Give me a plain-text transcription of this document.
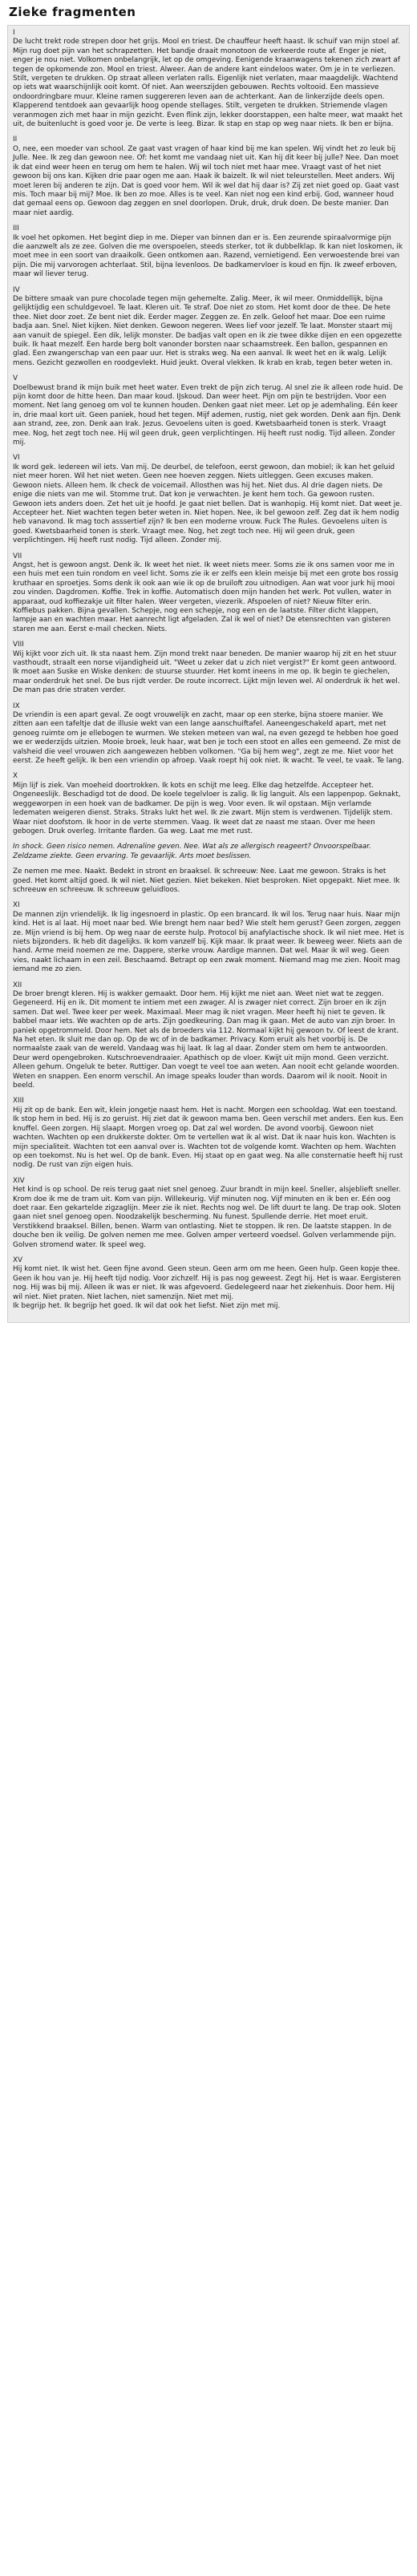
Zieke fragmenten
I

De lucht trekt rode strepen door het grijs. Mool en triest. De chauffeur heeft haast. Ik schuif van mijn stoel af. Mijn rug doet pijn van het schrapzetten. Het bandje draait monotoon de verkeerde route af. Enger je niet, enger je nou niet. Volkomen onbelangrijk, let op de omgeving. Eenigende kraanwagens tekenen zich zwart af tegen de opkomende zon. Mool en triest. Alweer. Aan de andere kant eindeloos water. Om je in te verliezen. Stilt, vergeten te drukken. Op straat alleen verlaten ralls. Eigenlijk niet verlaten, maar maagdelijk. Wachtend op iets wat waarschijnlijk ooit komt. Of niet. Aan weerszijden gebouwen. Rechts voltooid. Een massieve ondoordringbare muur. Kleine ramen suggereren leven aan de achterkant. Aan de linkerzijde deels open. Klapperend tentdoek aan gevaarlijk hoog opende stellages. Stilt, vergeten te drukken. Striemende vlagen veranmogen zich met haar in mijn gezicht. Even flink zijn, lekker doorstappen, een halte meer, wat maakt het uit, de buitenlucht is goed voor je. De verte is leeg. Bizar. Ik stap en stap op weg naar niets. Ik ben er bijna.

II

O, nee, een moeder van school. Ze gaat vast vragen of haar kind bij me kan spelen. Wij vindt het zo leuk bij Julle. Nee. Ik zeg dan gewoon nee. Of: het komt me vandaag niet uit. Kan hij dit keer bij julle? Nee. Dan moet ik dat eind weer heen en terug om hem te halen. Wij wil toch niet met haar mee. Vraagt vast of het niet gewoon bij ons kan. Kijken drie paar ogen me aan. Haak ik baizelt. Ik wil niet teleurstellen. Meet anders. Wij moet leren bij anderen te zijn. Dat is goed voor hem. Wil ik wel dat hij daar is? Zij zet niet goed op. Gaat vast mis. Toch maar bij mij? Moe. Ik ben zo moe. Alles is te veel. Kan niet nog een kind erbij. God, wanneer houd dat gemaal eens op. Gewoon dag zeggen en snel doorlopen. Druk, druk, druk doen. De beste manier. Dan maar niet aardig.

III

Ik voel het opkomen. Het begint diep in me. Dieper van binnen dan er is. Een zeurende spiraalvormige pijn die aanzwelt als ze zee. Golven die me overspoelen, steeds sterker, tot ik dubbelklap. Ik kan niet loskomen, ik moet mee in een soort van draaikolk. Geen ontkomen aan. Razend, vernietigend. Een verwoestende brei van pijn. Die mij varvorogen achterlaat. Stil, bijna levenloos. De badkamervloer is koud en fijn. Ik zweef erboven, maar wil liever terug.

IV

De bittere smaak van pure chocolade tegen mijn gehemelte. Zalig. Meer, ik wil meer. Onmiddellijk, bijna gelijktijdig een schuldgevoel. Te laat. Kleren uit. Te straf. Doe niet zo stom. Het komt door de thee. De hete thee. Niet door zoet. Ze bent niet dik. Eerder mager. Zeggen ze. En zelk. Geloof het maar. Doe een ruime badja aan. Snel. Niet kijken. Niet denken. Gewoon negeren. Wees lief voor jezelf. Te laat. Monster staart mij aan vanuit de spiegel. Een dik, lelijk monster. De badjas valt open en ik zie twee dikke dijen en een opgezette buik. Ik haat mezelf. Een harde berg bolt vanonder borsten naar schaamstreek. Een ballon, gespannen en glad. Een zwangerschap van een paar uur. Het is straks weg. Na een aanval. Ik weet het en ik walg. Lelijk mens. Gezicht gezwollen en roodgevlekt. Huid jeukt. Overal vlekken. Ik krab en krab, tegen beter weten in.

V

Doelbewust brand ik mijn buik met heet water. Even trekt de pijn zich terug. Al snel zie ik alleen rode huid. De pijn komt door de hitte heen. Dan maar koud. IJskoud. Dan weer heet. Pijn om pijn te bestrijden. Voor een moment. Net lang genoeg om vol te kunnen houden. Denken gaat niet meer. Let op je ademhaling. Eén keer in, drie maal kort uit. Geen paniek, houd het tegen. Mijf ademen, rustig, niet gek worden. Denk aan fijn. Denk aan strand, zee, zon. Denk aan Irak. Jezus. Gevoelens uiten is goed. Kwetsbaarheid tonen is sterk. Vraagt mee. Nog, het zegt toch nee. Hij wil geen druk, geen verplichtingen. Hij heeft rust nodig. Tijd alleen. Zonder mij.

VI

Ik word gek. Iedereen wil iets. Van mij. De deurbel, de telefoon, eerst gewoon, dan mobiel; ik kan het geluid niet meer horen. Wil het niet weten. Geen nee hoeven zeggen. Niets uitleggen. Geen excuses maken. Gewoon niets. Alleen hem. Ik check de voicemail. Allosthen was hij het. Niet dus. Al drie dagen niets. De enige die niets van me wil. Stomme trut. Dat kon je verwachten. Je kent hem toch. Ga gewoon rusten. Gewoon iets anders doen. Zet het uit je hoofd. Je gaat niet bellen. Dat is wanhopig. Hij komt niet. Dat weet je. Accepteer het. Niet wachten tegen beter weten in. Niet hopen. Nee, ik bel gewoon zelf. Zeg dat ik hem nodig heb vanavond. Ik mag toch asssertief zijn? Ik ben een moderne vrouw. Fuck The Rules. Gevoelens uiten is goed. Kwetsbaarheid tonen is sterk. Vraagt mee. Nog, het zegt toch nee. Hij wil geen druk, geen verplichtingen. Hij heeft rust nodig. Tijd alleen. Zonder mij.

VII

Angst, het is gewoon angst. Denk ik. Ik weet het niet. Ik weet niets meer. Soms zie ik ons samen voor me in een huis met een tuin rondom en veel licht. Soms zie ik er zelfs een klein meisje bij met een grote bos rossig kruthaar en sproetjes. Soms denk ik ook aan wie ik op de bruiloft zou uitnodigen. Aan wat voor jurk hij mooi zou vinden. Dagdromen. Koffie. Trek in koffie. Automatisch doen mijn handen het werk. Pot vullen, water in apparaat, oud koffiezakje uit filter halen. Weer vergeten, viezerik. Afspoelen of niet? Nieuw filter erin. Koffiebus pakken. Bijna gevallen. Schepje, nog een schepje, nog een en de laatste. Filter dicht klappen, lampje aan en wachten maar. Het aanrecht ligt afgeladen. Zal ik wel of niet? De etensrechten van gisteren staren me aan. Eerst e-mail checken. Niets.

VIII

Wij kijkt voor zich uit. Ik sta naast hem. Zijn mond trekt naar beneden. De manier waarop hij zit en het stuur vasthoudt, straalt een norse vijandigheid uit. "Weet u zeker dat u zich niet vergist?" Er komt geen antwoord. Ik moet aan Suske en Wiske denken: de stuurse stuurder. Het komt ineens in me op. Ik begin te giechelen, maar onderdruk het snel. De bus rijdt verder. De route incorrect. Lijkt mijn leven wel. Al onderdruk ik het wel. De man pas drie straten verder.

IX

De vriendin is een apart geval. Ze oogt vrouwelijk en zacht, maar op een sterke, bijna stoere manier. We zitten aan een tafeltje dat de illusie wekt van een lange aanschuiftafel. Aaneengeschakeld apart, met net genoeg ruimte om je ellebogen te wurmen. We steken meteen van wal, na even gezegd te hebben hoe goed we er wederzijds uitzien. Mooie broek, leuk haar, wat ben je toch een stoot en alles een gemeend. Ze mist de valsheid die veel vrouwen zich aangewezen hebben volkomen. "Ga bij hem weg", zegt ze me. Niet voor het eerst. Ze heeft gelijk. Ik ben een vriendin op afroep. Vaak roept hij ook niet. Ik wacht. Te veel, te vaak. Te lang.

X

Mijn lijf is ziek. Van moeheid doortrokken. Ik kots en schijt me leeg. Elke dag hetzelfde. Accepteer het. Ongeneeslijk. Beschadigd tot de dood. De koele tegelvloer is zalig. Ik lig languit. Als een lappenpop. Geknakt, weggeworpen in een hoek van de badkamer. De pijn is weg. Voor even. Ik wil opstaan. Mijn verlamde ledematen weigeren dienst. Straks. Straks lukt het wel. Ik zie zwart. Mijn stem is verdwenen. Tijdelijk stem. Waar niet doofstom. Ik hoor in de verte stemmen. Vaag. Ik weet dat ze naast me staan. Over me heen gebogen. Druk overleg. Irritante flarden. Ga weg. Laat me met rust.

In shock. Geen risico nemen. Adrenaline geven. Nee. Wat als ze allergisch reageert? Onvoorspelbaar. Zeldzame ziekte. Geen ervaring. Te gevaarlijk. Arts moet beslissen.

Ze nemen me mee. Naakt. Bedekt in stront en braaksel. Ik schreeuw: Nee. Laat me gewoon. Straks is het goed. Het komt altijd goed. Ik wil niet. Niet gezien. Niet bekeken. Niet besproken. Niet opgepakt. Niet mee. Ik schreeuw en schreeuw. Ik schreeuw geluidloos.

XI

De mannen zijn vriendelijk. Ik lig ingesnoerd in plastic. Op een brancard. Ik wil los. Terug naar huis. Naar mijn kind. Het is al laat. Hij moet naar bed. Wie brengt hem naar bed? Wie stelt hem gerust? Geen zorgen, zeggen ze. Mijn vriend is bij hem. Op weg naar de eerste hulp. Protocol bij anafylactische shock. Ik wil niet mee. Het is niets bijzonders. Ik heb dit dagelijks. Ik kom vanzelf bij. Kijk maar. Ik praat weer. Ik beweeg weer. Niets aan de hand. Arme meid noemen ze me. Dappere, sterke vrouw. Aardige mannen. Dat wel. Maar ik wil weg. Geen vies, naakt lichaam in een zeil. Beschaamd. Betrapt op een zwak moment. Niemand mag me zien. Nooit mag iemand me zo zien.

XII

De broer brengt kleren. Hij is wakker gemaakt. Door hem. Hij kijkt me niet aan. Weet niet wat te zeggen. Gegeneerd. Hij en ik. Dit moment te intiem met een zwager. Al is zwager niet correct. Zijn broer en ik zijn samen. Dat wel. Twee keer per week. Maximaal. Meer mag ik niet vragen. Meer heeft hij niet te geven. Ik babbel maar iets. We wachten op de arts. Zijn goedkeuring. Dan mag ik gaan. Met de auto van zijn broer. In paniek opgetrommeld. Door hem. Net als de broeders via 112. Normaal kijkt hij gewoon tv. Of leest de krant. Na het eten. Ik sluit me dan op. Op de wc of in de badkamer. Privacy. Kom eruit als het voorbij is. De normaalste zaak van de wereld. Vandaag was hij laat. Ik lag al daar. Zonder stem om hem te antwoorden. Deur werd opengebroken. Kutschroevendraaier. Apathisch op de vloer. Kwijt uit mijn mond. Geen verzicht. Alleen gehum. Ongeluk te beter. Ruttiger. Dan voegt te veel toe aan weten. Aan nooit echt gelande woorden. Weten en snappen. Een enorm verschil. An image speaks louder than words. Daarom wil ik nooit. Nooit in beeld.

XIII

Hij zit op de bank. Een wit, klein jongetje naast hem. Het is nacht. Morgen een schooldag. Wat een toestand. Ik stop hem in bed. Hij is zo geruist. Hij ziet dat ik gewoon mama ben. Geen verschil met anders. Een kus. Een knuffel. Geen zorgen. Hij slaapt. Morgen vroeg op. Dat zal wel worden. De avond voorbij. Gewoon niet wachten. Wachten op een drukkerste dokter. Om te vertellen wat ik al wist. Dat ik naar huis kon. Wachten is mijn specialiteit. Wachten tot een aanval over is. Wachten tot de volgende komt. Wachten op hem. Wachten op een toekomst. Nu is het wel. Op de bank. Even. Hij staat op en gaat weg. Na alle consternatie heeft hij rust nodig. De rust van zijn eigen huis.

XIV

Het kind is op school. De reis terug gaat niet snel genoeg. Zuur brandt in mijn keel. Sneller, alsjeblieft sneller. Krom doe ik me de tram uit. Kom van pijn. Willekeurig. Vijf minuten nog. Vijf minuten en ik ben er. Eén oog doet raar. Een gekartelde zigzaglijn. Meer zie ik niet. Rechts nog wel. De lift duurt te lang. De trap ook. Sloten gaan niet snel genoeg open. Noodzakelijk bescherming. Nu funest. Spullende derrie. Het moet eruit. Verstikkend braaksel. Billen, benen. Warm van ontlasting. Niet te stoppen. Ik ren. De laatste stappen. In de douche ben ik veilig. De golven nemen me mee. Golven amper verteerd voedsel. Golven verlammende pijn. Golven stromend water. Ik speel weg.

XV

Hij komt niet. Ik wist het. Geen fijne avond. Geen steun. Geen arm om me heen. Geen hulp. Geen kopje thee. Geen ik hou van je. Hij heeft tijd nodig. Voor zichzelf. Hij is pas nog geweest. Zegt hij. Het is waar. Eergisteren nog. Hij was bij mij. Alleen ik was er niet. Ik was afgevoerd. Gedelegeerd naar het ziekenhuis. Door hem. Hij wil niet. Niet praten. Niet lachen, niet samenzijn. Niet met mij.

Ik begrijp het. Ik begrijp het goed. Ik wil dat ook het liefst. Niet zijn met mij.
